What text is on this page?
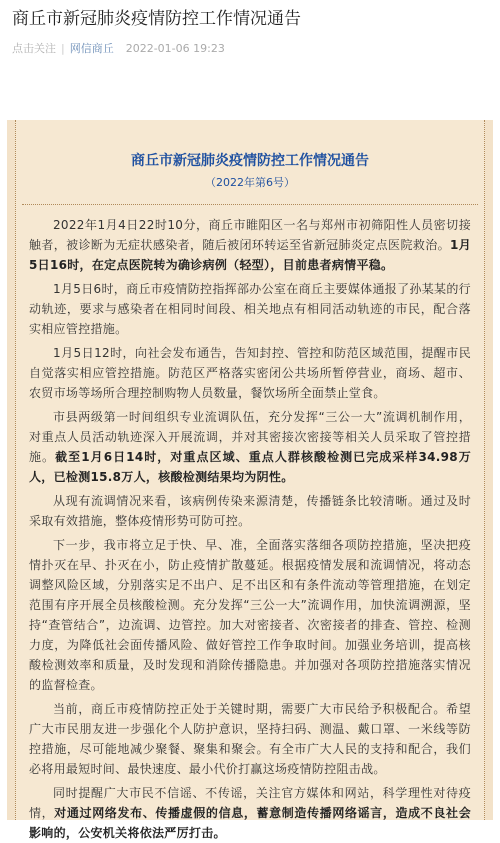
商丘市新冠肺炎疫情防控工作情况通告
点击关注 | 网信商丘 2022-01-06 19:23
商丘市新冠肺炎疫情防控工作情况通告
（2022年第6号）

2022年1月4日22时10分，商丘市睢阳区一名与郑州市初筛阳性人员密切接触者，被诊断为无症状感染者，随后被闭环转运至省新冠肺炎定点医院救治。1月5日16时，在定点医院转为确诊病例（轻型），目前患者病情平稳。

1月5日6时，商丘市疫情防控指挥部办公室在商丘主要媒体通报了孙某某的行动轨迹，要求与感染者在相同时间段、相关地点有相同活动轨迹的市民，配合落实相应管控措施。

1月5日12时，向社会发布通告，告知封控、管控和防范区域范围，提醒市民自觉落实相应管控措施。防范区严格落实密闭公共场所暂停营业，商场、超市、农贸市场等场所合理控制购物人员数量，餐饮场所全面禁止堂食。

市县两级第一时间组织专业流调队伍，充分发挥“三公一大”流调机制作用，对重点人员活动轨迹深入开展流调，并对其密接次密接等相关人员采取了管控措施。截至1月6日14时，对重点区域、重点人群核酸检测已完成采样34.98万人，已检测15.8万人，核酸检测结果均为阴性。

从现有流调情况来看，该病例传染来源清楚，传播链条比较清晰。通过及时采取有效措施，整体疫情形势可防可控。

下一步，我市将立足于快、早、准，全面落实落细各项防控措施，坚决把疫情扑灭在早、扑灭在小，防止疫情扩散蔓延。根据疫情发展和流调情况，将动态调整风险区域，分别落实足不出户、足不出区和有条件流动等管理措施，在划定范围有序开展全员核酸检测。充分发挥“三公一大”流调作用，加快流调溯源，坚持“查管结合”，边流调、边管控。加大对密接者、次密接者的排查、管控、检测力度，为降低社会面传播风险、做好管控工作争取时间。加强业务培训，提高核酸检测效率和质量，及时发现和消除传播隐患。并加强对各项防控措施落实情况的监督检查。

当前，商丘市疫情防控正处于关键时期，需要广大市民给予积极配合。希望广大市民朋友进一步强化个人防护意识，坚持扫码、测温、戴口罩、一米线等防控措施，尽可能地减少聚餐、聚集和聚会。有全市广大人民的支持和配合，我们必将用最短时间、最快速度、最小代价打赢这场疫情防控阻击战。

同时提醒广大市民不信谣、不传谣，关注官方媒体和网站，科学理性对待疫情，对通过网络发布、传播虚假的信息，蓄意制造传播网络谣言，造成不良社会影响的，公安机关将依法严厉打击。
